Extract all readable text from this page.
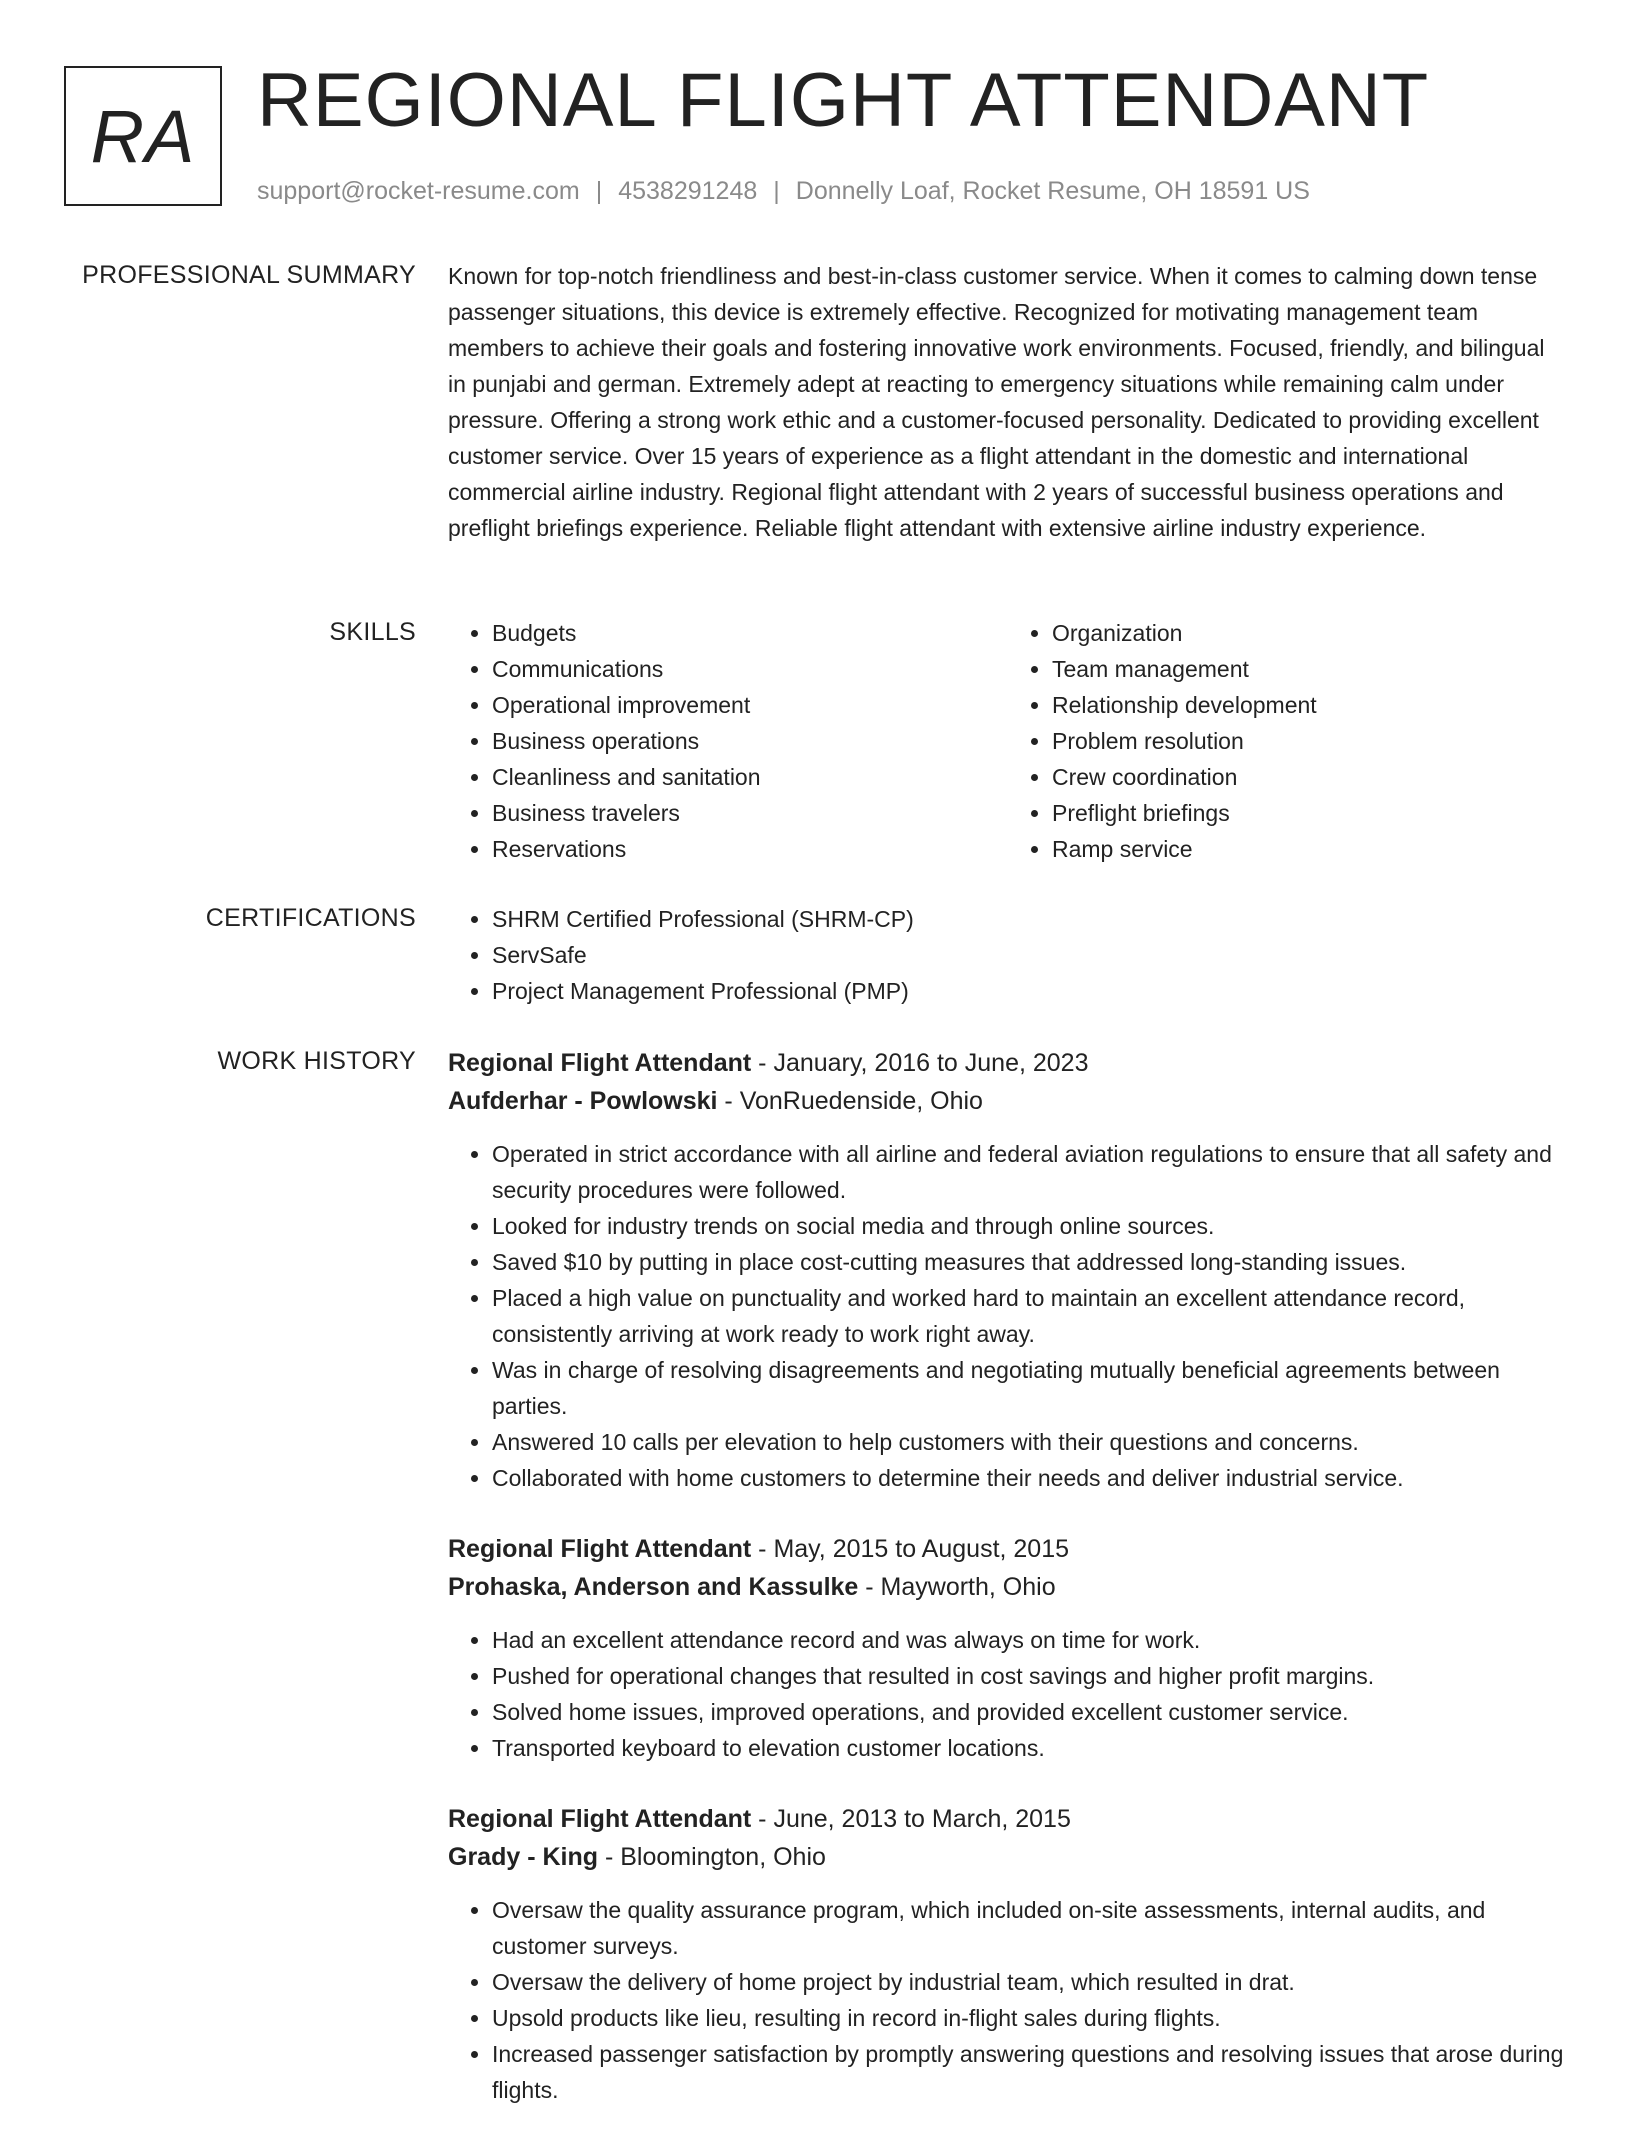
RA REGIONAL FLIGHT ATTENDANT
support@rocket-resume.com | 4538291248 | Donnelly Loaf, Rocket Resume, OH 18591 US
PROFESSIONAL SUMMARY Known for top-notch friendliness and best-in-class customer service. When it comes to calming down tense passenger situations, this device is extremely effective. Recognized for motivating management team members to achieve their goals and fostering innovative work environments. Focused, friendly, and bilingual in punjabi and german. Extremely adept at reacting to emergency situations while remaining calm under pressure. Offering a strong work ethic and a customer-focused personality. Dedicated to providing excellent customer service. Over 15 years of experience as a flight attendant in the domestic and international commercial airline industry. Regional flight attendant with 2 years of successful business operations and preflight briefings experience. Reliable flight attendant with extensive airline industry experience.

SKILLS	• Budgets
• Communications
• Operational improvement
• Business operations
• Cleanliness and sanitation
• Business travelers
• Reservations
• Organization
• Team management
• Relationship development
• Problem resolution
• Crew coordination
• Preflight briefings
• Ramp service
CERTIFICATIONS	• SHRM Certified Professional (SHRM-CP)
• ServSafe
• Project Management Professional (PMP)
WORK HISTORY Regional Flight Attendant - January, 2016 to June, 2023
Aufderhar - Powlowski - VonRuedenside, Ohio
• Operated in strict accordance with all airline and federal aviation regulations to ensure that all safety and security procedures were followed.
• Looked for industry trends on social media and through online sources.
• Saved $10 by putting in place cost-cutting measures that addressed long-standing issues.
• Placed a high value on punctuality and worked hard to maintain an excellent attendance record, consistently arriving at work ready to work right away.
• Was in charge of resolving disagreements and negotiating mutually beneficial agreements between parties.
• Answered 10 calls per elevation to help customers with their questions and concerns.
• Collaborated with home customers to determine their needs and deliver industrial service.
Regional Flight Attendant - May, 2015 to August, 2015
Prohaska, Anderson and Kassulke - Mayworth, Ohio
• Had an excellent attendance record and was always on time for work.
• Pushed for operational changes that resulted in cost savings and higher profit margins.
• Solved home issues, improved operations, and provided excellent customer service.
• Transported keyboard to elevation customer locations.
Regional Flight Attendant - June, 2013 to March, 2015
Grady - King - Bloomington, Ohio
• Oversaw the quality assurance program, which included on-site assessments, internal audits, and customer surveys.
• Oversaw the delivery of home project by industrial team, which resulted in drat.
• Upsold products like lieu, resulting in record in-flight sales during flights.
• Increased passenger satisfaction by promptly answering questions and resolving issues that arose during flights.
